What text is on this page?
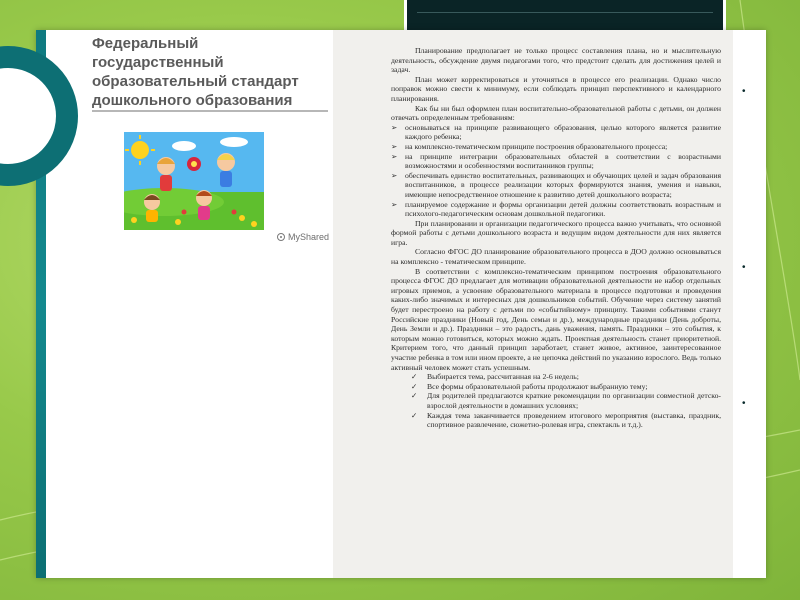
Федеральный
государственный
образовательный стандарт
дошкольного образования
MyShared

Планирование предполагает не только процесс составления плана, но и мыслительную деятельность, обсуждение двумя педагогами того, что предстоит сделать для достижения целей и задач.

План может корректироваться и уточняться в процессе его реализации. Однако число поправок можно свести к минимуму, если соблюдать принцип перспективного и календарного планирования.

Как бы ни был оформлен план воспитательно-образовательной работы с детьми, он должен отвечать определенным требованиям:

➢ основываться на принципе развивающего образования, целью которого является развитие каждого ребенка;
➢ на комплексно-тематическом принципе построения образовательного процесса;
➢ на принципе интеграции образовательных областей в соответствии с возрастными возможностями и особенностями воспитанников группы;
➢ обеспечивать единство воспитательных, развивающих и обучающих целей и задач образования воспитанников, в процессе реализации которых формируются знания, умения и навыки, имеющие непосредственное отношение к развитию детей дошкольного возраста;
➢ планируемое содержание и формы организации детей должны соответствовать возрастным и психолого-педагогическим основам дошкольной педагогики.

При планировании и организации педагогического процесса важно учитывать, что основной формой работы с детьми дошкольного возраста и ведущим видом деятельности для них является игра.

Согласно ФГОС ДО планирование образовательного процесса в ДОО должно основываться на комплексно - тематическом принципе.

В соответствии с комплексно-тематическим принципом построения образовательного процесса ФГОС ДО предлагает для мотивации образовательной деятельности не набор отдельных игровых приемов, а усвоение образовательного материала в процессе подготовки и проведения каких-либо значимых и интересных для дошкольников событий. Обучение через систему занятий будет перестроено на работу с детьми по «событийному» принципу. Такими событиями станут Российские праздники (Новый год, День семьи и др.), международные праздники (День доброты, День Земли и др.). Праздники – это радость, дань уважения, память. Праздники – это события, к которым можно готовиться, которых можно ждать. Проектная деятельность станет приоритетной. Критерием того, что данный принцип заработает, станет живое, активное, заинтересованное участие ребенка в том или ином проекте, а не цепочка действий по указанию взрослого. Ведь только активный человек может стать успешным.

✓ Выбирается тема, рассчитанная на 2-6 недель;
✓ Все формы образовательной работы продолжают выбранную тему;
✓ Для родителей предлагаются краткие рекомендации по организации совместной детско-взрослой деятельности в домашних условиях;
✓ Каждая тема заканчивается проведением итогового мероприятия (выставка, праздник, спортивное развлечение, сюжетно-ролевая игра, спектакль и т.д.).
•
•
•
